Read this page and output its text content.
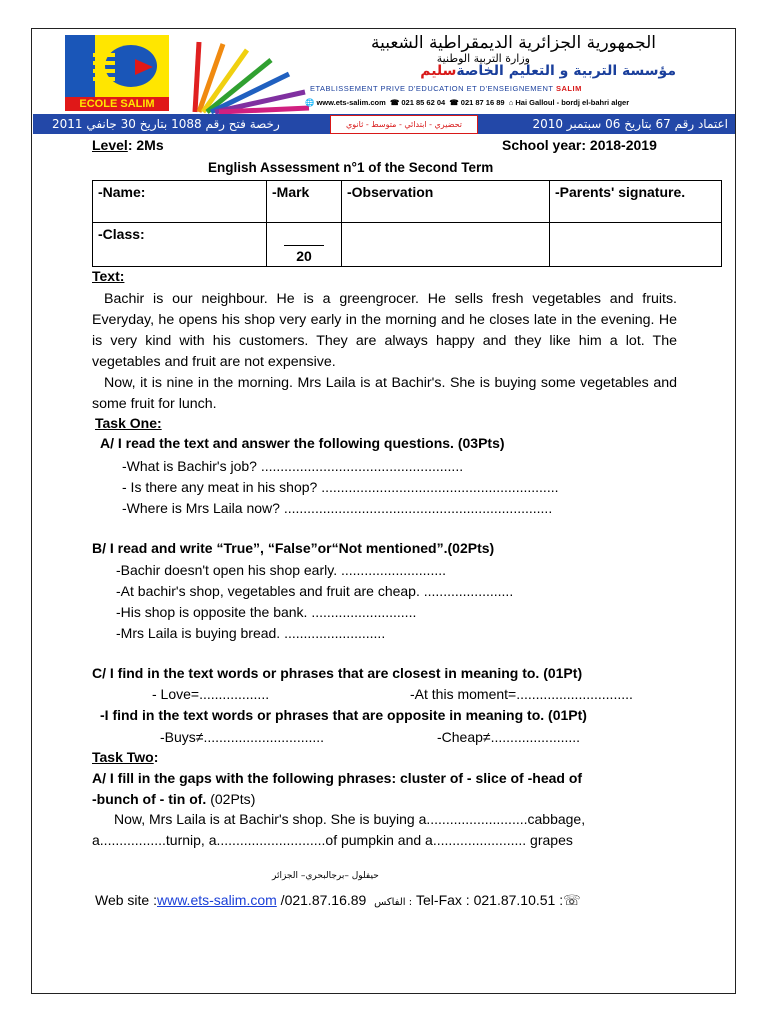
ECOLE SALIM
الجمهورية الجزائرية الديمقراطية الشعبية
وزارة التربية الوطنية
مؤسسة التربية و التعليم الخاصةسليم
ETABLISSEMENT PRIVE D'EDUCATION ET D'ENSEIGNEMENT SALIM
🌐 www.ets-salim.com ☎ 021 85 62 04 ☎ 021 87 16 89 ⌂ Hai Galloul - bordj el-bahri alger
رخصة فتح رقم 1088 بتاريخ 30 جانفي 2011	تحضيري - ابتدائي - متوسط - ثانوي	اعتماد رقم 67 بتاريخ 06 سبتمبر 2010
Level: 2Ms	School year: 2018-2019
English Assessment n°1 of the Second Term
-Name:	-Mark	-Observation	-Parents' signature.
-Class:	20		
Text:
Bachir is our neighbour. He is a greengrocer. He sells fresh vegetables and fruits. Everyday, he opens his shop very early in the morning and he closes late in the evening. He is very kind with his customers. They are always happy and they like him a lot. The vegetables and fruit are not expensive.
Now, it is nine in the morning. Mrs Laila is at Bachir's. She is buying some vegetables and some fruit for lunch.
Task One:
A/ I read the text and answer the following questions. (03Pts)
-What is Bachir's job? ....................................................
- Is there any meat in his shop? .............................................................
-Where is Mrs Laila now? .....................................................................
B/ I read and write “True”, “False”or“Not mentioned”.(02Pts)
-Bachir doesn't open his shop early. ...........................
-At bachir's shop, vegetables and fruit are cheap. .......................
-His shop is opposite the bank. ...........................
-Mrs Laila is buying bread. ..........................
C/ I find in the text words or phrases that are closest in meaning to. (01Pt)
- Love=..................	-At this moment=..............................
-I find in the text words or phrases that are opposite in meaning to. (01Pt)
-Buys≠...............................	-Cheap≠.......................
Task Two:
A/ I fill in the gaps with the following phrases: cluster of - slice of -head of
-bunch of - tin of. (02Pts)
Now, Mrs Laila is at Bachir's shop. She is buying a..........................cabbage,
a.................turnip, a............................of pumpkin and a........................ grapes
حيفلول –برجالبحري– الجزائر
Web site :www.ets-salim.com /021.87.16.89 الفاكس : Tel-Fax : 021.87.10.51 :☏
